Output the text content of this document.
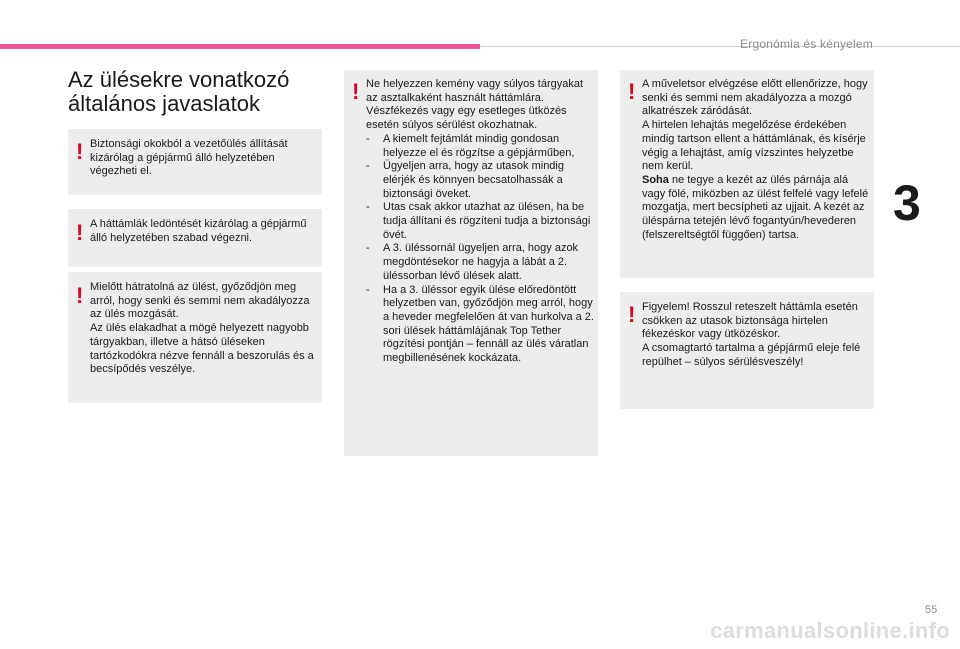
Ergonómia és kényelem
Az ülésekre vonatkozó
általános javaslatok
! Biztonsági okokból a vezetőülés állítását kizárólag a gépjármű álló helyzetében végezheti el.
! A háttámlák ledöntését kizárólag a gépjármű álló helyzetében szabad végezni.
! Mielőtt hátratolná az ülést, győződjön meg arról, hogy senki és semmi nem akadályozza az ülés mozgását.

Az ülés elakadhat a mögé helyezett nagyobb tárgyakban, illetve a hátsó üléseken tartózkodókra nézve fennáll a beszorulás és a becsípődés veszélye.

! Ne helyezzen kemény vagy súlyos tárgyakat az asztalkaként használt háttámlára. Vészfékezés vagy egy esetleges ütközés esetén súlyos sérülést okozhatnak.

-	A kiemelt fejtámlát mindig gondosan helyezze el és rögzítse a gépjárműben,
-	Ügyeljen arra, hogy az utasok mindig elérjék és könnyen becsatolhassák a biztonsági öveket.
-	Utas csak akkor utazhat az ülésen, ha be tudja állítani és rögzíteni tudja a biztonsági övét.
-	A 3. üléssornál ügyeljen arra, hogy azok megdöntésekor ne hagyja a lábát a 2. üléssorban lévő ülések alatt.
-	Ha a 3. üléssor egyik ülése előredöntött helyzetben van, győződjön meg arról, hogy a heveder megfelelően át van hurkolva a 2. sori ülések háttámlájának Top Tether rögzítési pontján – fennáll az ülés váratlan megbillenésének kockázata.
! A műveletsor elvégzése előtt ellenőrizze, hogy senki és semmi nem akadályozza a mozgó alkatrészek záródását.

A hirtelen lehajtás megelőzése érdekében mindig tartson ellent a háttámlának, és kísérje végig a lehajtást, amíg vízszintes helyzetbe nem kerül.

Soha ne tegye a kezét az ülés párnája alá vagy fölé, miközben az ülést felfelé vagy lefelé mozgatja, mert becsípheti az ujjait. A kezét az üléspárna tetején lévő fogantyún/hevederen (felszereltségtől függően) tartsa.

! Figyelem! Rosszul reteszelt háttámla esetén csökken az utasok biztonsága hirtelen fékezéskor vagy ütközéskor.

A csomagtartó tartalma a gépjármű eleje felé repülhet – súlyos sérülésveszély!

3
55
carmanualsonline.info
